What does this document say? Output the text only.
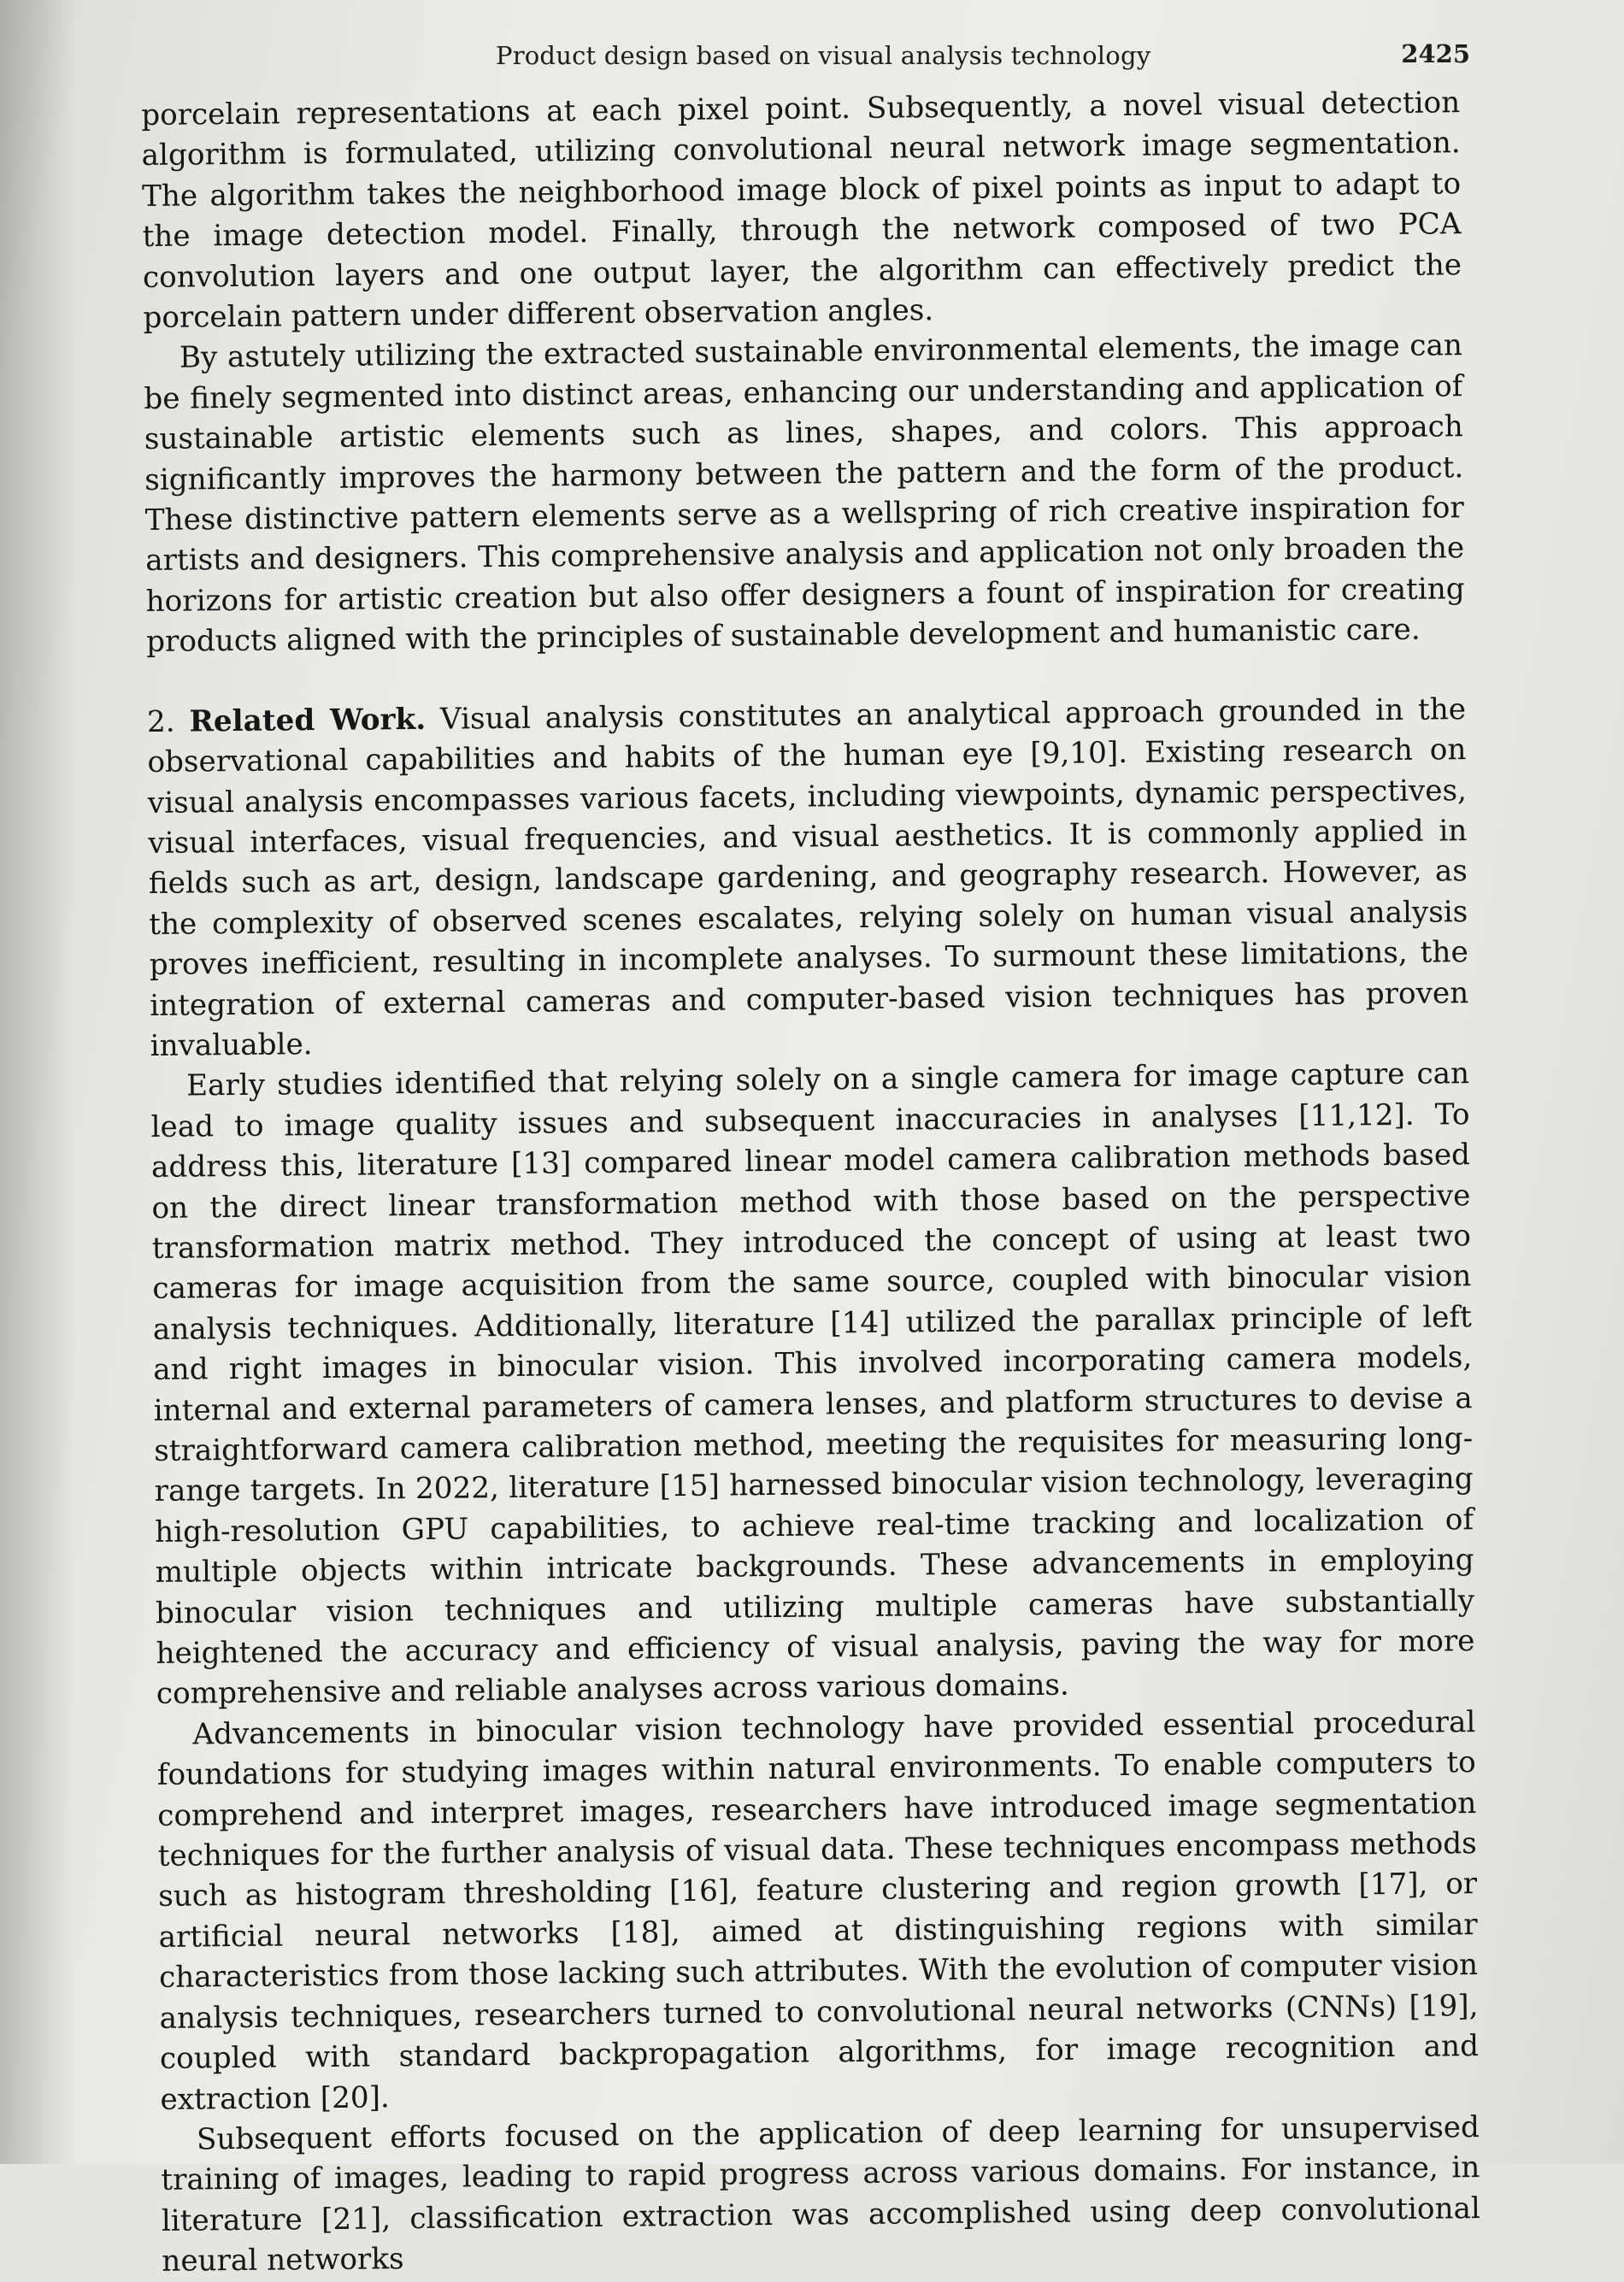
Product design based on visual analysis technology	2425

porcelain representations at each pixel point. Subsequently, a novel visual detection algorithm is formulated, utilizing convolutional neural network image segmentation. The algorithm takes the neighborhood image block of pixel points as input to adapt to the image detection model. Finally, through the network composed of two PCA convolution layers and one output layer, the algorithm can effectively predict the porcelain pattern under different observation angles.

By astutely utilizing the extracted sustainable environmental elements, the image can be finely segmented into distinct areas, enhancing our understanding and application of sustainable artistic elements such as lines, shapes, and colors. This approach significantly improves the harmony between the pattern and the form of the product. These distinctive pattern elements serve as a wellspring of rich creative inspiration for artists and designers. This comprehensive analysis and application not only broaden the horizons for artistic creation but also offer designers a fount of inspiration for creating products aligned with the principles of sustainable development and humanistic care.

2. Related Work. Visual analysis constitutes an analytical approach grounded in the observational capabilities and habits of the human eye [9,10]. Existing research on visual analysis encompasses various facets, including viewpoints, dynamic perspectives, visual interfaces, visual frequencies, and visual aesthetics. It is commonly applied in fields such as art, design, landscape gardening, and geography research. However, as the complexity of observed scenes escalates, relying solely on human visual analysis proves inefficient, resulting in incomplete analyses. To surmount these limitations, the integration of external cameras and computer-based vision techniques has proven invaluable.

Early studies identified that relying solely on a single camera for image capture can lead to image quality issues and subsequent inaccuracies in analyses [11,12]. To address this, literature [13] compared linear model camera calibration methods based on the direct linear transformation method with those based on the perspective transformation matrix method. They introduced the concept of using at least two cameras for image acquisition from the same source, coupled with binocular vision analysis techniques. Additionally, literature [14] utilized the parallax principle of left and right images in binocular vision. This involved incorporating camera models, internal and external parameters of camera lenses, and platform structures to devise a straightforward camera calibration method, meeting the requisites for measuring long-range targets. In 2022, literature [15] harnessed binocular vision technology, leveraging high-resolution GPU capabilities, to achieve real-time tracking and localization of multiple objects within intricate backgrounds. These advancements in employing binocular vision techniques and utilizing multiple cameras have substantially heightened the accuracy and efficiency of visual analysis, paving the way for more comprehensive and reliable analyses across various domains.

Advancements in binocular vision technology have provided essential procedural foundations for studying images within natural environments. To enable computers to comprehend and interpret images, researchers have introduced image segmentation techniques for the further analysis of visual data. These techniques encompass methods such as histogram thresholding [16], feature clustering and region growth [17], or artificial neural networks [18], aimed at distinguishing regions with similar characteristics from those lacking such attributes. With the evolution of computer vision analysis techniques, researchers turned to convolutional neural networks (CNNs) [19], coupled with standard backpropagation algorithms, for image recognition and extraction [20].

Subsequent efforts focused on the application of deep learning for unsupervised training of images, leading to rapid progress across various domains. For instance, in literature [21], classification extraction was accomplished using deep convolutional neural networks
